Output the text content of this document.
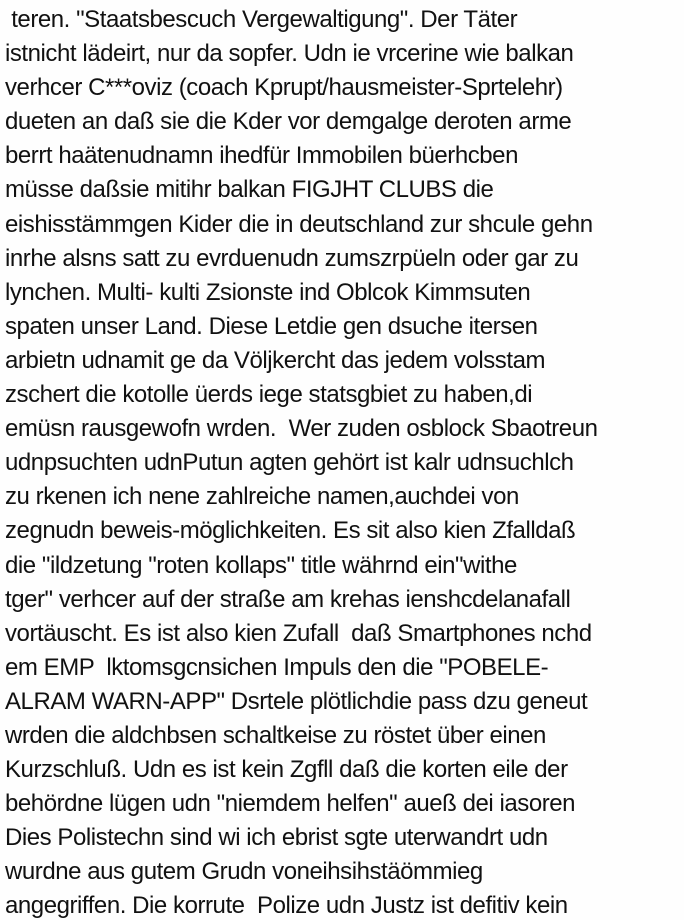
teren. "Staatsbescuch Vergewaltigung". Der Täter
istnicht lädeirt, nur da sopfer. Udn ie vrcerine wie balkan
verhcer C***oviz (coach Kprupt/hausmeister-Sprtelehr)
dueten an daß sie die Kder vor demgalge deroten arme
berrt haätenudnamn ihedfür Immobilen büerhcben
müsse daßsie mitihr balkan FIGJHT CLUBS die
eishisstämmgen Kider die in deutschland zur shcule gehn
inrhe alsns satt zu evrduenudn zumszrpüeln oder gar zu
lynchen. Multi- kulti Zsionste ind Oblcok Kimmsuten
spaten unser Land. Diese Letdie gen dsuche itersen
arbietn udnamit ge da Völjkercht das jedem volsstam
zschert die kotolle üerds iege statsgbiet zu haben,di
emüsn rausgewofn wrden.  Wer zuden osblock Sbaotreun
udnpsuchten udnPutun agten gehört ist kalr udnsuchlch
zu rkenen ich nene zahlreiche namen,auchdei von
zegnudn beweis-möglichkeiten. Es sit also kien Zfalldaß
die "ildzetung "roten kollaps" title währnd ein"withe
tger" verhcer auf der straße am krehas ienshcdelanafall
vortäuscht. Es ist also kien Zufall  daß Smartphones nchd
em EMP  lktomsgcnsichen Impuls den die "POBELE-
ALRAM WARN-APP" Dsrtele plötlichdie pass dzu geneut
wrden die aldchbsen schaltkeise zu röstet über einen
Kurzschluß. Udn es ist kein Zgfll daß die korten eile der
behördne lügen udn "niemdem helfen" aueß dei iasoren
Dies Polistechn sind wi ich ebrist sgte uterwandrt udn
wurdne aus gutem Grudn voneihsihstäömmieg
angegriffen. Die korrute  Polize udn Justz ist defitiv kein
